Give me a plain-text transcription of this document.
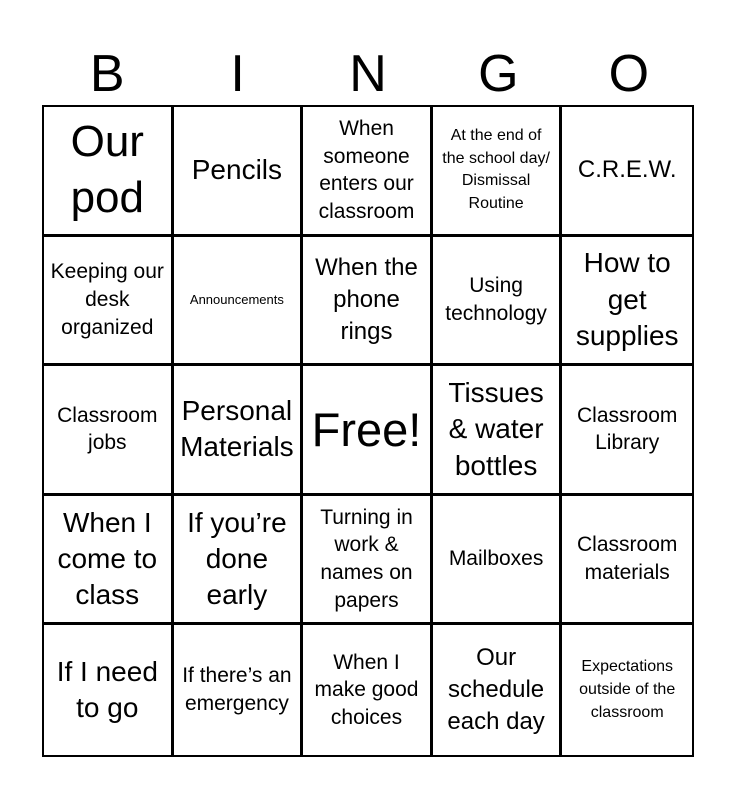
B	I	N	G	O
Our pod
Pencils
When someone enters our classroom
At the end of the school day/ Dismissal Routine
C.R.E.W.
Keeping our desk organized
Announcements
When the phone rings
Using technology
How to get supplies
Classroom jobs
Personal Materials Free!
Tissues & water bottles
Classroom Library
When I come to class
If you’re done early
Turning in work & names on papers
Mailboxes
Classroom materials
If I need to go
If there’s an emergency
When I make good choices
Our schedule each day
Expectations outside of the classroom
